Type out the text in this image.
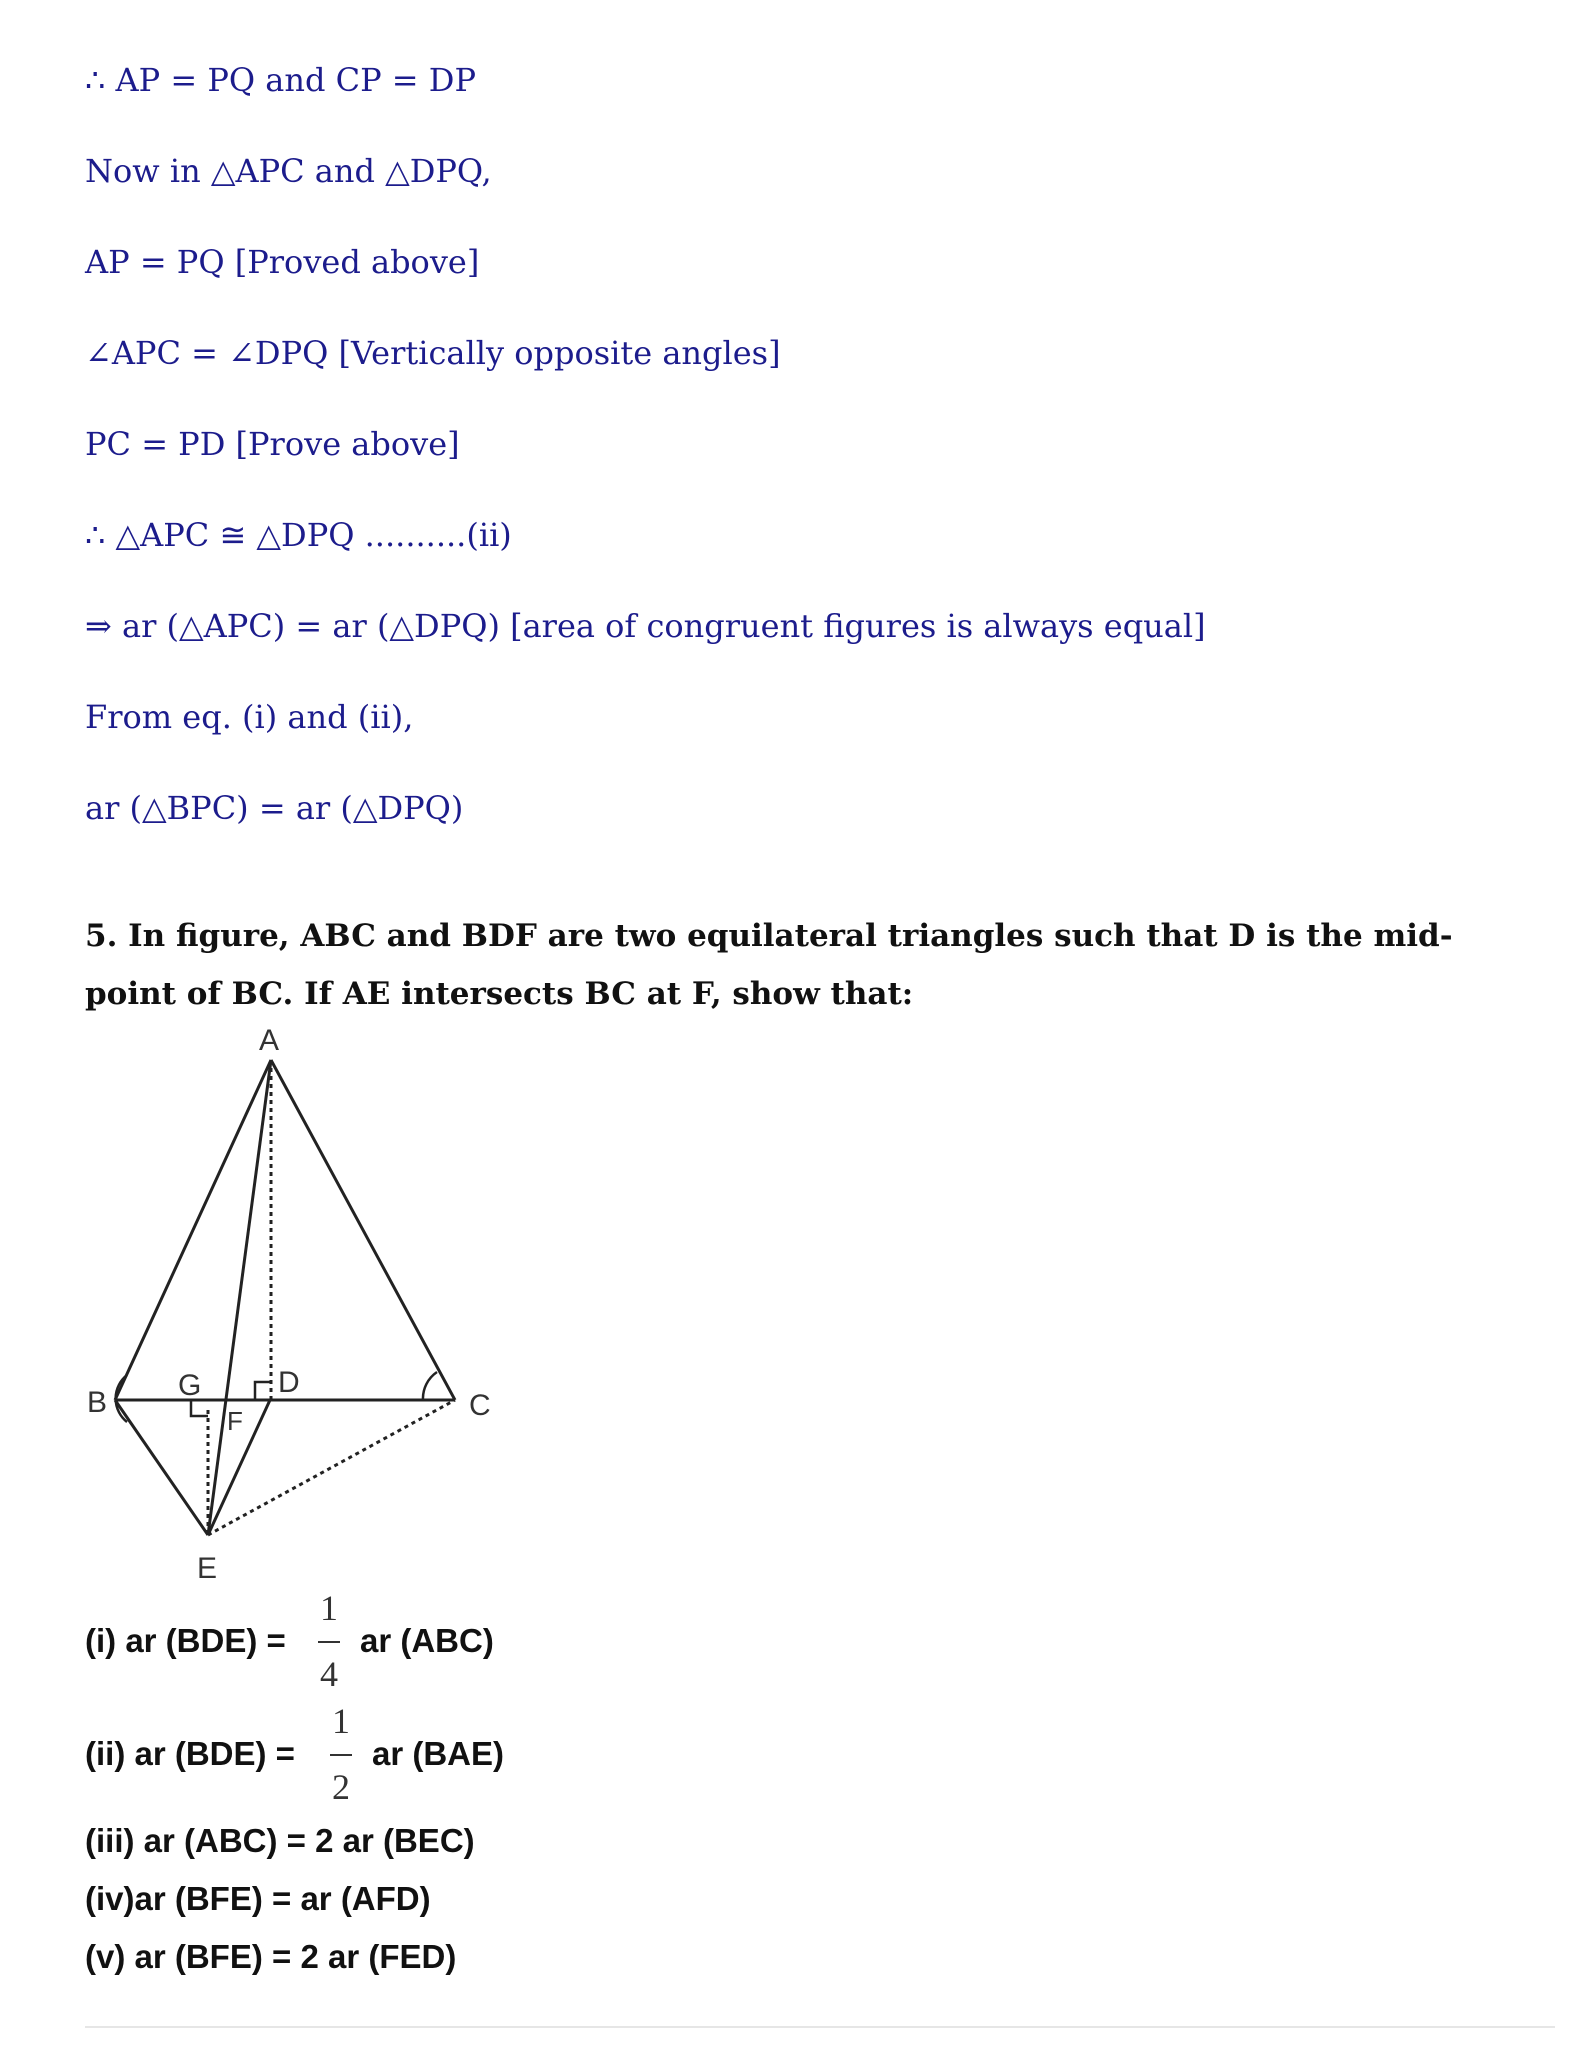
∴ AP = PQ and CP = DP
Now in △APC and △DPQ,
AP = PQ [Proved above]
∠APC = ∠DPQ [Vertically opposite angles]
PC = PD [Prove above]
∴ △APC ≅ △DPQ ..........(ii)
⇒ ar (△APC) = ar (△DPQ) [area of congruent figures is always equal]
From eq. (i) and (ii),
ar (△BPC) = ar (△DPQ)
5. In figure, ABC and BDF are two equilateral triangles such that D is the mid-point of BC. If AE intersects BC at F, show that:
A
B	C
D
E
F
G
(i) ar (BDE) =
1
4
ar (ABC)
(ii) ar (BDE) =
1
2
ar (BAE)
(iii) ar (ABC) = 2 ar (BEC)
(iv)ar (BFE) = ar (AFD)
(v) ar (BFE) = 2 ar (FED)
